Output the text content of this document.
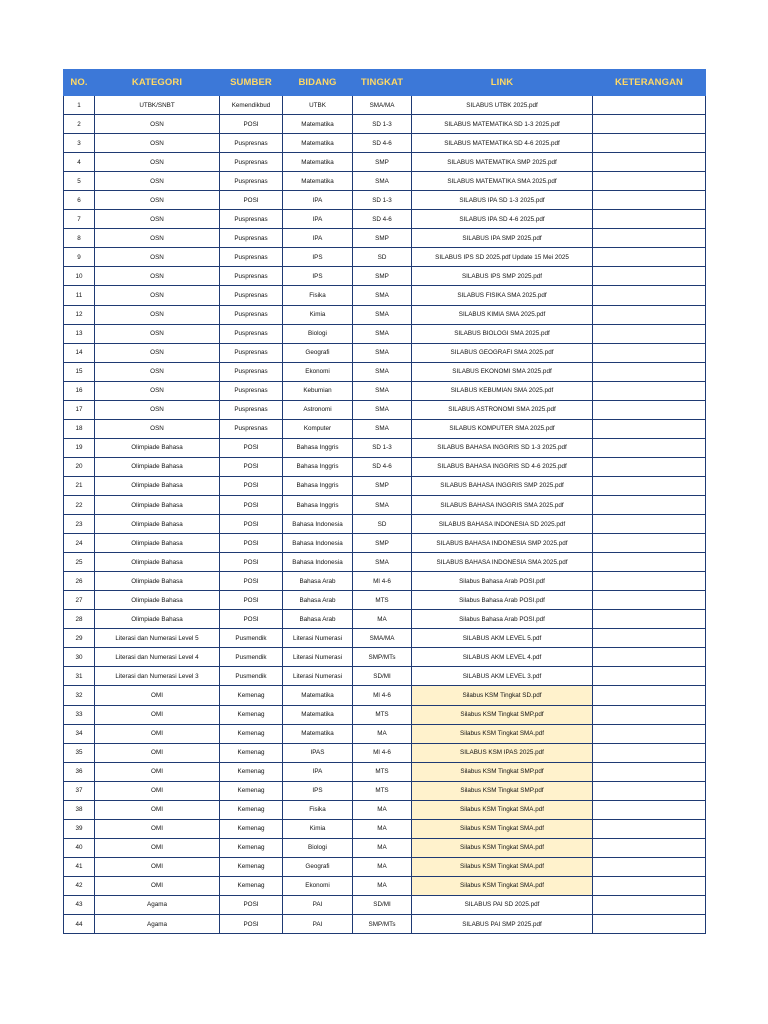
NO.	KATEGORI	SUMBER	BIDANG	TINGKAT	LINK	KETERANGAN
1	UTBK/SNBT	Kemendikbud	UTBK	SMA/MA	SILABUS UTBK 2025.pdf	
2	OSN	POSI	Matematika	SD 1-3	SILABUS MATEMATIKA SD 1-3 2025.pdf	
3	OSN	Puspresnas	Matematika	SD 4-6	SILABUS MATEMATIKA SD 4-6 2025.pdf	
4	OSN	Puspresnas	Matematika	SMP	SILABUS MATEMATIKA SMP 2025.pdf	
5	OSN	Puspresnas	Matematika	SMA	SILABUS MATEMATIKA SMA 2025.pdf	
6	OSN	POSI	IPA	SD 1-3	SILABUS IPA SD 1-3 2025.pdf	
7	OSN	Puspresnas	IPA	SD 4-6	SILABUS IPA SD 4-6 2025.pdf	
8	OSN	Puspresnas	IPA	SMP	SILABUS IPA SMP 2025.pdf	
9	OSN	Puspresnas	IPS	SD	SILABUS IPS SD 2025.pdf Update 15 Mei 2025	
10	OSN	Puspresnas	IPS	SMP	SILABUS IPS SMP 2025.pdf	
11	OSN	Puspresnas	Fisika	SMA	SILABUS FISIKA SMA 2025.pdf	
12	OSN	Puspresnas	Kimia	SMA	SILABUS KIMIA SMA 2025.pdf	
13	OSN	Puspresnas	Biologi	SMA	SILABUS BIOLOGI SMA 2025.pdf	
14	OSN	Puspresnas	Geografi	SMA	SILABUS GEOGRAFI SMA 2025.pdf	
15	OSN	Puspresnas	Ekonomi	SMA	SILABUS EKONOMI SMA 2025.pdf	
16	OSN	Puspresnas	Kebumian	SMA	SILABUS KEBUMIAN SMA 2025.pdf	
17	OSN	Puspresnas	Astronomi	SMA	SILABUS ASTRONOMI SMA 2025.pdf	
18	OSN	Puspresnas	Komputer	SMA	SILABUS KOMPUTER SMA 2025.pdf	
19	Olimpiade Bahasa	POSI	Bahasa Inggris	SD 1-3	SILABUS BAHASA INGGRIS SD 1-3 2025.pdf	
20	Olimpiade Bahasa	POSI	Bahasa Inggris	SD 4-6	SILABUS BAHASA INGGRIS SD 4-6 2025.pdf	
21	Olimpiade Bahasa	POSI	Bahasa Inggris	SMP	SILABUS BAHASA INGGRIS SMP 2025.pdf	
22	Olimpiade Bahasa	POSI	Bahasa Inggris	SMA	SILABUS BAHASA INGGRIS SMA 2025.pdf	
23	Olimpiade Bahasa	POSI	Bahasa Indonesia	SD	SILABUS BAHASA INDONESIA SD 2025.pdf	
24	Olimpiade Bahasa	POSI	Bahasa Indonesia	SMP	SILABUS BAHASA INDONESIA SMP 2025.pdf	
25	Olimpiade Bahasa	POSI	Bahasa Indonesia	SMA	SILABUS BAHASA INDONESIA SMA 2025.pdf	
26	Olimpiade Bahasa	POSI	Bahasa Arab	MI 4-6	Silabus Bahasa Arab POSI.pdf	
27	Olimpiade Bahasa	POSI	Bahasa Arab	MTS	Silabus Bahasa Arab POSI.pdf	
28	Olimpiade Bahasa	POSI	Bahasa Arab	MA	Silabus Bahasa Arab POSI.pdf	
29	Literasi dan Numerasi Level 5	Pusmendik	Literasi Numerasi	SMA/MA	SILABUS AKM LEVEL 5.pdf	
30	Literasi dan Numerasi Level 4	Pusmendik	Literasi Numerasi	SMP/MTs	SILABUS AKM LEVEL 4.pdf	
31	Literasi dan Numerasi Level 3	Pusmendik	Literasi Numerasi	SD/MI	SILABUS AKM LEVEL 3.pdf	
32	OMI	Kemenag	Matematika	MI 4-6	Silabus KSM Tingkat SD.pdf	
33	OMI	Kemenag	Matematika	MTS	Silabus KSM Tingkat SMP.pdf	
34	OMI	Kemenag	Matematika	MA	Silabus KSM Tingkat SMA.pdf	
35	OMI	Kemenag	IPAS	MI 4-6	SILABUS KSM IPAS 2025.pdf	
36	OMI	Kemenag	IPA	MTS	Silabus KSM Tingkat SMP.pdf	
37	OMI	Kemenag	IPS	MTS	Silabus KSM Tingkat SMP.pdf	
38	OMI	Kemenag	Fisika	MA	Silabus KSM Tingkat SMA.pdf	
39	OMI	Kemenag	Kimia	MA	Silabus KSM Tingkat SMA.pdf	
40	OMI	Kemenag	Biologi	MA	Silabus KSM Tingkat SMA.pdf	
41	OMI	Kemenag	Geografi	MA	Silabus KSM Tingkat SMA.pdf	
42	OMI	Kemenag	Ekonomi	MA	Silabus KSM Tingkat SMA.pdf	
43	Agama	POSI	PAI	SD/MI	SILABUS PAI SD 2025.pdf	
44	Agama	POSI	PAI	SMP/MTs	SILABUS PAI SMP 2025.pdf	
